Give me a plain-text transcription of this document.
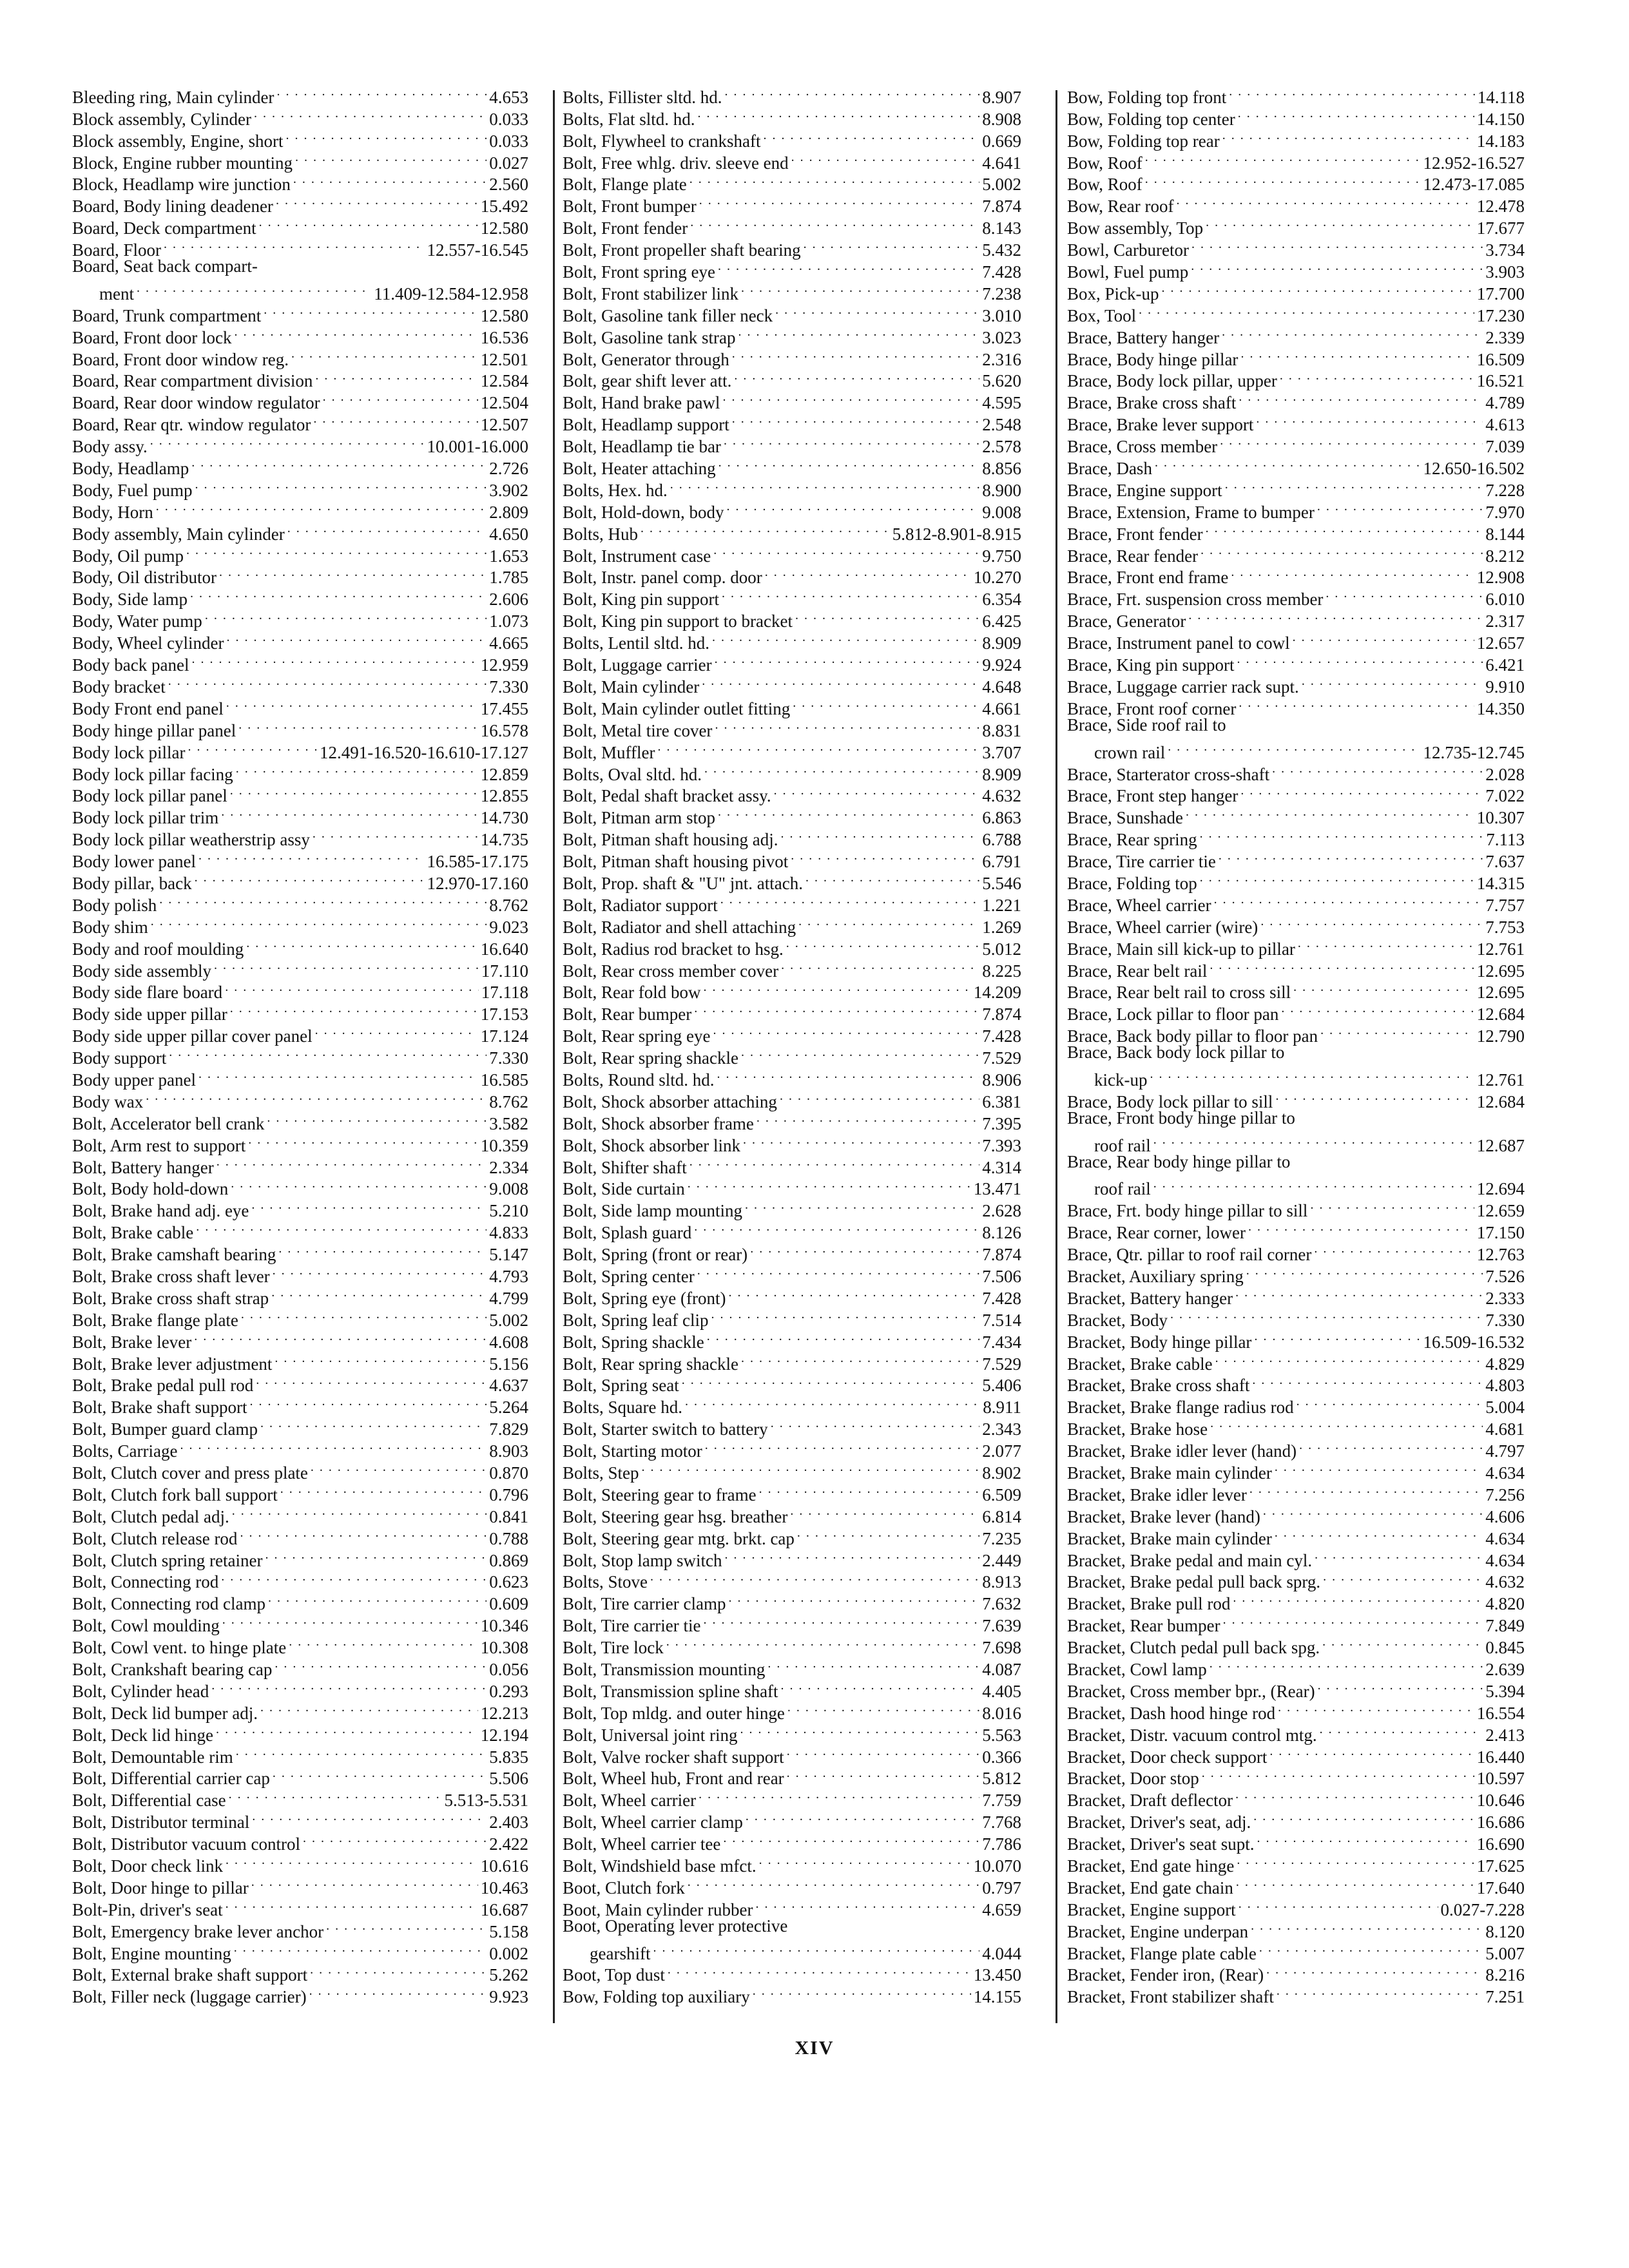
Bleeding ring, Main cylinder . . .	4.653
Block assembly, Cylinder . . .	0.033
Block assembly, Engine, short . . .	0.033
Block, Engine rubber mounting . . .	0.027
Block, Headlamp wire junction . . .	2.560
Board, Body lining deadener . . .	15.492
Board, Deck compartment . . .	12.580
Board, Floor . . .	12.557-16.545
Board, Seat back compart-
ment . . .	11.409-12.584-12.958
Board, Trunk compartment . . .	12.580
Board, Front door lock . . .	16.536
Board, Front door window reg. . . .	12.501
Board, Rear compartment division . . .	12.584
Board, Rear door window regulator . . .	12.504
Board, Rear qtr. window regulator . . .	12.507
Body assy. . . .	10.001-16.000
Body, Headlamp . . .	2.726
Body, Fuel pump . . .	3.902
Body, Horn . . .	2.809
Body assembly, Main cylinder . . .	4.650
Body, Oil pump . . .	1.653
Body, Oil distributor . . .	1.785
Body, Side lamp . . .	2.606
Body, Water pump . . .	1.073
Body, Wheel cylinder . . .	4.665
Body back panel . . .	12.959
Body bracket . . .	7.330
Body Front end panel . . .	17.455
Body hinge pillar panel . . .	16.578
Body lock pillar . . .	12.491-16.520-16.610-17.127
Body lock pillar facing . . .	12.859
Body lock pillar panel . . .	12.855
Body lock pillar trim . . .	14.730
Body lock pillar weatherstrip assy . . .	14.735
Body lower panel . . .	16.585-17.175
Body pillar, back . . .	12.970-17.160
Body polish . . .	8.762
Body shim . . .	9.023
Body and roof moulding . . .	16.640
Body side assembly . . .	17.110
Body side flare board . . .	17.118
Body side upper pillar . . .	17.153
Body side upper pillar cover panel . . .	17.124
Body support . . .	7.330
Body upper panel . . .	16.585
Body wax . . .	8.762
Bolt, Accelerator bell crank . . .	3.582
Bolt, Arm rest to support . . .	10.359
Bolt, Battery hanger . . .	2.334
Bolt, Body hold-down . . .	9.008
Bolt, Brake hand adj. eye . . .	5.210
Bolt, Brake cable . . .	4.833
Bolt, Brake camshaft bearing . . .	5.147
Bolt, Brake cross shaft lever . . .	4.793
Bolt, Brake cross shaft strap . . .	4.799
Bolt, Brake flange plate . . .	5.002
Bolt, Brake lever . . .	4.608
Bolt, Brake lever adjustment . . .	5.156
Bolt, Brake pedal pull rod . . .	4.637
Bolt, Brake shaft support . . .	5.264
Bolt, Bumper guard clamp . . .	7.829
Bolts, Carriage . . .	8.903
Bolt, Clutch cover and press plate . . .	0.870
Bolt, Clutch fork ball support . . .	0.796
Bolt, Clutch pedal adj. . . .	0.841
Bolt, Clutch release rod . . .	0.788
Bolt, Clutch spring retainer . . .	0.869
Bolt, Connecting rod . . .	0.623
Bolt, Connecting rod clamp . . .	0.609
Bolt, Cowl moulding . . .	10.346
Bolt, Cowl vent. to hinge plate . . .	10.308
Bolt, Crankshaft bearing cap . . .	0.056
Bolt, Cylinder head . . .	0.293
Bolt, Deck lid bumper adj. . . .	12.213
Bolt, Deck lid hinge . . .	12.194
Bolt, Demountable rim . . .	5.835
Bolt, Differential carrier cap . . .	5.506
Bolt, Differential case . . .	5.513-5.531
Bolt, Distributor terminal . . .	2.403
Bolt, Distributor vacuum control . . .	2.422
Bolt, Door check link . . .	10.616
Bolt, Door hinge to pillar . . .	10.463
Bolt-Pin, driver's seat . . .	16.687
Bolt, Emergency brake lever anchor . . .	5.158
Bolt, Engine mounting . . .	0.002
Bolt, External brake shaft support . . .	5.262
Bolt, Filler neck (luggage carrier) . . .	9.923
Bolts, Fillister sltd. hd. . . .	8.907
Bolts, Flat sltd. hd. . . .	8.908
Bolt, Flywheel to crankshaft . . .	0.669
Bolt, Free whlg. driv. sleeve end . . .	4.641
Bolt, Flange plate . . .	5.002
Bolt, Front bumper . . .	7.874
Bolt, Front fender . . .	8.143
Bolt, Front propeller shaft bearing . . .	5.432
Bolt, Front spring eye . . .	7.428
Bolt, Front stabilizer link . . .	7.238
Bolt, Gasoline tank filler neck . . .	3.010
Bolt, Gasoline tank strap . . .	3.023
Bolt, Generator through . . .	2.316
Bolt, gear shift lever att. . . .	5.620
Bolt, Hand brake pawl . . .	4.595
Bolt, Headlamp support . . .	2.548
Bolt, Headlamp tie bar . . .	2.578
Bolt, Heater attaching . . .	8.856
Bolts, Hex. hd. . . .	8.900
Bolt, Hold-down, body . . .	9.008
Bolts, Hub . . .	5.812-8.901-8.915
Bolt, Instrument case . . .	9.750
Bolt, Instr. panel comp. door . . .	10.270
Bolt, King pin support . . .	6.354
Bolt, King pin support to bracket . . .	6.425
Bolts, Lentil sltd. hd. . . .	8.909
Bolt, Luggage carrier . . .	9.924
Bolt, Main cylinder . . .	4.648
Bolt, Main cylinder outlet fitting . . .	4.661
Bolt, Metal tire cover . . .	8.831
Bolt, Muffler . . .	3.707
Bolts, Oval sltd. hd. . . .	8.909
Bolt, Pedal shaft bracket assy. . . .	4.632
Bolt, Pitman arm stop . . .	6.863
Bolt, Pitman shaft housing adj. . . .	6.788
Bolt, Pitman shaft housing pivot . . .	6.791
Bolt, Prop. shaft & "U" jnt. attach. . . .	5.546
Bolt, Radiator support . . .	1.221
Bolt, Radiator and shell attaching . . .	1.269
Bolt, Radius rod bracket to hsg. . . .	5.012
Bolt, Rear cross member cover . . .	8.225
Bolt, Rear fold bow . . .	14.209
Bolt, Rear bumper . . .	7.874
Bolt, Rear spring eye . . .	7.428
Bolt, Rear spring shackle . . .	7.529
Bolts, Round sltd. hd. . . .	8.906
Bolt, Shock absorber attaching . . .	6.381
Bolt, Shock absorber frame . . .	7.395
Bolt, Shock absorber link . . .	7.393
Bolt, Shifter shaft . . .	4.314
Bolt, Side curtain . . .	13.471
Bolt, Side lamp mounting . . .	2.628
Bolt, Splash guard . . .	8.126
Bolt, Spring (front or rear) . . .	7.874
Bolt, Spring center . . .	7.506
Bolt, Spring eye (front) . . .	7.428
Bolt, Spring leaf clip . . .	7.514
Bolt, Spring shackle . . .	7.434
Bolt, Rear spring shackle . . .	7.529
Bolt, Spring seat . . .	5.406
Bolts, Square hd. . . .	8.911
Bolt, Starter switch to battery . . .	2.343
Bolt, Starting motor . . .	2.077
Bolts, Step . . .	8.902
Bolt, Steering gear to frame . . .	6.509
Bolt, Steering gear hsg. breather . . .	6.814
Bolt, Steering gear mtg. brkt. cap . . .	7.235
Bolt, Stop lamp switch . . .	2.449
Bolts, Stove . . .	8.913
Bolt, Tire carrier clamp . . .	7.632
Bolt, Tire carrier tie . . .	7.639
Bolt, Tire lock . . .	7.698
Bolt, Transmission mounting . . .	4.087
Bolt, Transmission spline shaft . . .	4.405
Bolt, Top mldg. and outer hinge . . .	8.016
Bolt, Universal joint ring . . .	5.563
Bolt, Valve rocker shaft support . . .	0.366
Bolt, Wheel hub, Front and rear . . .	5.812
Bolt, Wheel carrier . . .	7.759
Bolt, Wheel carrier clamp . . .	7.768
Bolt, Wheel carrier tee . . .	7.786
Bolt, Windshield base mfct. . . .	10.070
Boot, Clutch fork . . .	0.797
Boot, Main cylinder rubber . . .	4.659
Boot, Operating lever protective
gearshift . . .	4.044
Boot, Top dust . . .	13.450
Bow, Folding top auxiliary . . .	14.155
Bow, Folding top front . . .	14.118
Bow, Folding top center . . .	14.150
Bow, Folding top rear . . .	14.183
Bow, Roof . . .	12.952-16.527
Bow, Roof . . .	12.473-17.085
Bow, Rear roof . . .	12.478
Bow assembly, Top . . .	17.677
Bowl, Carburetor . . .	3.734
Bowl, Fuel pump . . .	3.903
Box, Pick-up . . .	17.700
Box, Tool . . .	17.230
Brace, Battery hanger . . .	2.339
Brace, Body hinge pillar . . .	16.509
Brace, Body lock pillar, upper . . .	16.521
Brace, Brake cross shaft . . .	4.789
Brace, Brake lever support . . .	4.613
Brace, Cross member . . .	7.039
Brace, Dash . . .	12.650-16.502
Brace, Engine support . . .	7.228
Brace, Extension, Frame to bumper . . .	7.970
Brace, Front fender . . .	8.144
Brace, Rear fender . . .	8.212
Brace, Front end frame . . .	12.908
Brace, Frt. suspension cross member . . .	6.010
Brace, Generator . . .	2.317
Brace, Instrument panel to cowl . . .	12.657
Brace, King pin support . . .	6.421
Brace, Luggage carrier rack supt. . . .	9.910
Brace, Front roof corner . . .	14.350
Brace, Side roof rail to
crown rail . . .	12.735-12.745
Brace, Starterator cross-shaft . . .	2.028
Brace, Front step hanger . . .	7.022
Brace, Sunshade . . .	10.307
Brace, Rear spring . . .	7.113
Brace, Tire carrier tie . . .	7.637
Brace, Folding top . . .	14.315
Brace, Wheel carrier . . .	7.757
Brace, Wheel carrier (wire) . . .	7.753
Brace, Main sill kick-up to pillar . . .	12.761
Brace, Rear belt rail . . .	12.695
Brace, Rear belt rail to cross sill . . .	12.695
Brace, Lock pillar to floor pan . . .	12.684
Brace, Back body pillar to floor pan . . .	12.790
Brace, Back body lock pillar to
kick-up . . .	12.761
Brace, Body lock pillar to sill . . .	12.684
Brace, Front body hinge pillar to
roof rail . . .	12.687
Brace, Rear body hinge pillar to
roof rail . . .	12.694
Brace, Frt. body hinge pillar to sill . . .	12.659
Brace, Rear corner, lower . . .	17.150
Brace, Qtr. pillar to roof rail corner . . .	12.763
Bracket, Auxiliary spring . . .	7.526
Bracket, Battery hanger . . .	2.333
Bracket, Body . . .	7.330
Bracket, Body hinge pillar . . .	16.509-16.532
Bracket, Brake cable . . .	4.829
Bracket, Brake cross shaft . . .	4.803
Bracket, Brake flange radius rod . . .	5.004
Bracket, Brake hose . . .	4.681
Bracket, Brake idler lever (hand) . . .	4.797
Bracket, Brake main cylinder . . .	4.634
Bracket, Brake idler lever . . .	7.256
Bracket, Brake lever (hand) . . .	4.606
Bracket, Brake main cylinder . . .	4.634
Bracket, Brake pedal and main cyl. . . .	4.634
Bracket, Brake pedal pull back sprg. . . .	4.632
Bracket, Brake pull rod . . .	4.820
Bracket, Rear bumper . . .	7.849
Bracket, Clutch pedal pull back spg. . . .	0.845
Bracket, Cowl lamp . . .	2.639
Bracket, Cross member bpr., (Rear) . . .	5.394
Bracket, Dash hood hinge rod . . .	16.554
Bracket, Distr. vacuum control mtg. . . .	2.413
Bracket, Door check support . . .	16.440
Bracket, Door stop . . .	10.597
Bracket, Draft deflector . . .	10.646
Bracket, Driver's seat, adj. . . .	16.686
Bracket, Driver's seat supt. . . .	16.690
Bracket, End gate hinge . . .	17.625
Bracket, End gate chain . . .	17.640
Bracket, Engine support . . .	0.027-7.228
Bracket, Engine underpan . . .	8.120
Bracket, Flange plate cable . . .	5.007
Bracket, Fender iron, (Rear) . . .	8.216
Bracket, Front stabilizer shaft . . .	7.251
XIV
